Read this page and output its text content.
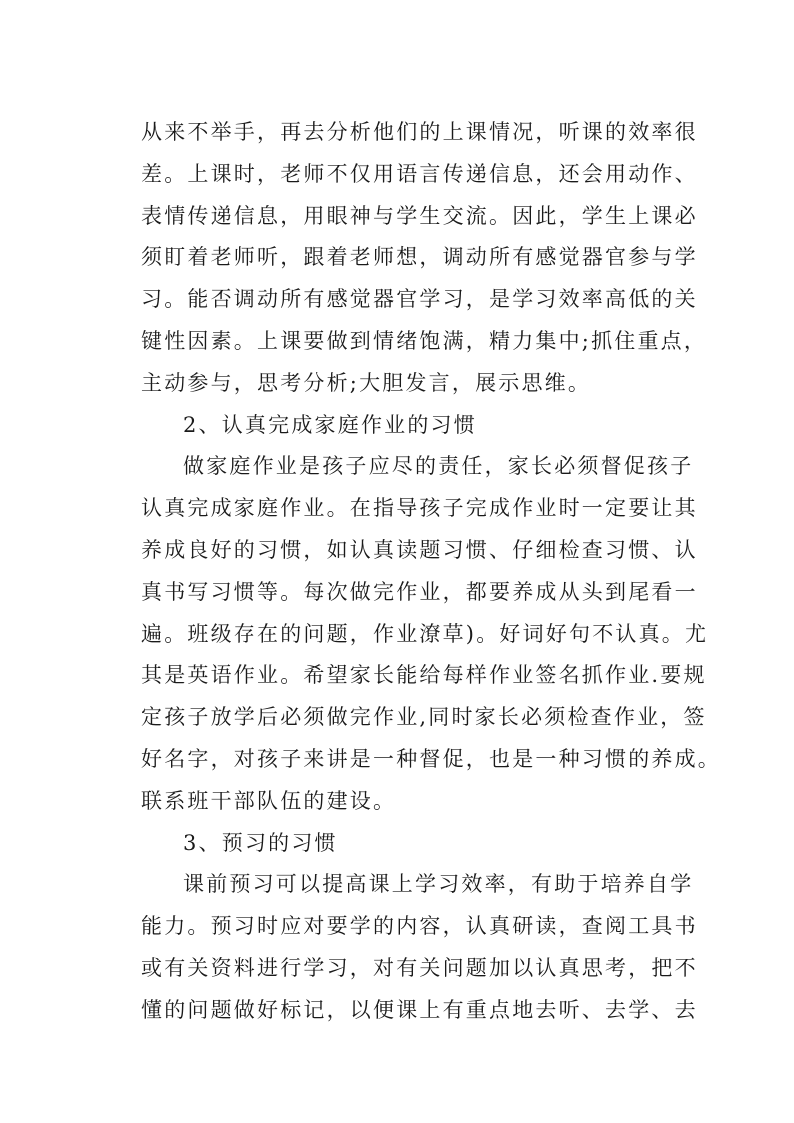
从来不举手，再去分析他们的上课情况，听课的效率很
差。上课时，老师不仅用语言传递信息，还会用动作、
表情传递信息，用眼神与学生交流。因此，学生上课必
须盯着老师听，跟着老师想，调动所有感觉器官参与学
习。能否调动所有感觉器官学习，是学习效率高低的关
键性因素。上课要做到情绪饱满，精力集中;抓住重点，
主动参与，思考分析;大胆发言，展示思维。
2、认真完成家庭作业的习惯
做家庭作业是孩子应尽的责任，家长必须督促孩子
认真完成家庭作业。在指导孩子完成作业时一定要让其
养成良好的习惯，如认真读题习惯、仔细检查习惯、认
真书写习惯等。每次做完作业，都要养成从头到尾看一
遍。班级存在的问题，作业潦草)。好词好句不认真。尤
其是英语作业。希望家长能给每样作业签名抓作业.要规
定孩子放学后必须做完作业,同时家长必须检查作业，签
好名字，对孩子来讲是一种督促，也是一种习惯的养成。
联系班干部队伍的建设。
3、预习的习惯
课前预习可以提高课上学习效率，有助于培养自学
能力。预习时应对要学的内容，认真研读，查阅工具书
或有关资料进行学习，对有关问题加以认真思考，把不
懂的问题做好标记，以便课上有重点地去听、去学、去
